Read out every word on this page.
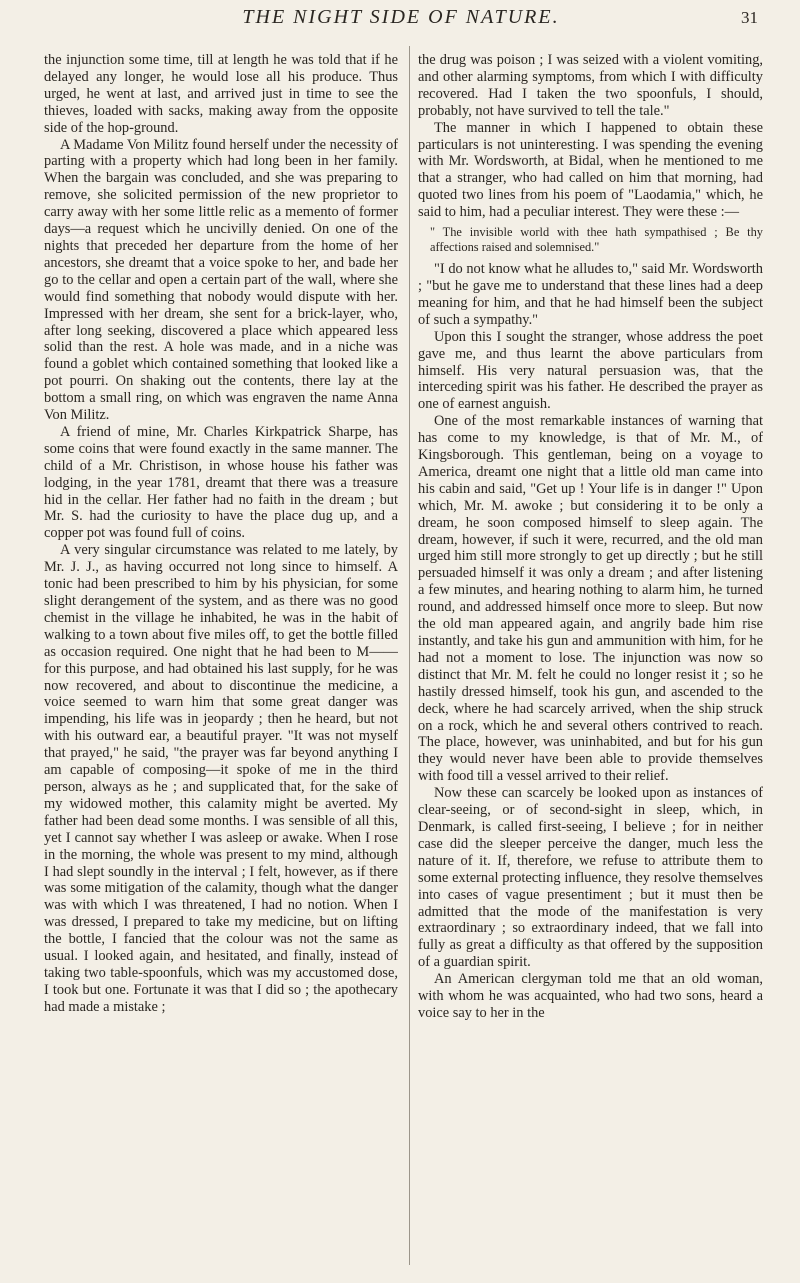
THE NIGHT SIDE OF NATURE.	31

the injunction some time, till at length he was told that if he delayed any longer, he would lose all his produce. Thus urged, he went at last, and arrived just in time to see the thieves, loaded with sacks, making away from the opposite side of the hop-ground.

A Madame Von Militz found herself under the necessity of parting with a property which had long been in her family. When the bargain was concluded, and she was preparing to remove, she solicited permission of the new proprietor to carry away with her some little relic as a memento of former days—a request which he uncivilly denied. On one of the nights that preceded her departure from the home of her ancestors, she dreamt that a voice spoke to her, and bade her go to the cellar and open a certain part of the wall, where she would find something that nobody would dispute with her. Impressed with her dream, she sent for a brick-layer, who, after long seeking, discovered a place which appeared less solid than the rest. A hole was made, and in a niche was found a goblet which contained something that looked like a pot pourri. On shaking out the contents, there lay at the bottom a small ring, on which was engraven the name Anna Von Militz.

A friend of mine, Mr. Charles Kirkpatrick Sharpe, has some coins that were found exactly in the same manner. The child of a Mr. Christison, in whose house his father was lodging, in the year 1781, dreamt that there was a treasure hid in the cellar. Her father had no faith in the dream ; but Mr. S. had the curiosity to have the place dug up, and a copper pot was found full of coins.

A very singular circumstance was related to me lately, by Mr. J. J., as having occurred not long since to himself. A tonic had been prescribed to him by his physician, for some slight derangement of the system, and as there was no good chemist in the village he inhabited, he was in the habit of walking to a town about five miles off, to get the bottle filled as occasion required. One night that he had been to M—— for this purpose, and had obtained his last supply, for he was now recovered, and about to discontinue the medicine, a voice seemed to warn him that some great danger was impending, his life was in jeopardy ; then he heard, but not with his outward ear, a beautiful prayer. "It was not myself that prayed," he said, "the prayer was far beyond anything I am capable of composing—it spoke of me in the third person, always as he ; and supplicated that, for the sake of my widowed mother, this calamity might be averted. My father had been dead some months. I was sensible of all this, yet I cannot say whether I was asleep or awake. When I rose in the morning, the whole was present to my mind, although I had slept soundly in the interval ; I felt, however, as if there was some mitigation of the calamity, though what the danger was with which I was threatened, I had no notion. When I was dressed, I prepared to take my medicine, but on lifting the bottle, I fancied that the colour was not the same as usual. I looked again, and hesitated, and finally, instead of taking two table-spoonfuls, which was my accustomed dose, I took but one. Fortunate it was that I did so ; the apothecary had made a mistake ;

the drug was poison ; I was seized with a violent vomiting, and other alarming symptoms, from which I with difficulty recovered. Had I taken the two spoonfuls, I should, probably, not have survived to tell the tale."

The manner in which I happened to obtain these particulars is not uninteresting. I was spending the evening with Mr. Wordsworth, at Bidal, when he mentioned to me that a stranger, who had called on him that morning, had quoted two lines from his poem of "Laodamia," which, he said to him, had a peculiar interest. They were these :—

" The invisible world with thee hath sympathised ; Be thy affections raised and solemnised."

"I do not know what he alludes to," said Mr. Wordsworth ; "but he gave me to understand that these lines had a deep meaning for him, and that he had himself been the subject of such a sympathy."

Upon this I sought the stranger, whose address the poet gave me, and thus learnt the above particulars from himself. His very natural persuasion was, that the interceding spirit was his father. He described the prayer as one of earnest anguish.

One of the most remarkable instances of warning that has come to my knowledge, is that of Mr. M., of Kingsborough. This gentleman, being on a voyage to America, dreamt one night that a little old man came into his cabin and said, "Get up ! Your life is in danger !" Upon which, Mr. M. awoke ; but considering it to be only a dream, he soon composed himself to sleep again. The dream, however, if such it were, recurred, and the old man urged him still more strongly to get up directly ; but he still persuaded himself it was only a dream ; and after listening a few minutes, and hearing nothing to alarm him, he turned round, and addressed himself once more to sleep. But now the old man appeared again, and angrily bade him rise instantly, and take his gun and ammunition with him, for he had not a moment to lose. The injunction was now so distinct that Mr. M. felt he could no longer resist it ; so he hastily dressed himself, took his gun, and ascended to the deck, where he had scarcely arrived, when the ship struck on a rock, which he and several others contrived to reach. The place, however, was uninhabited, and but for his gun they would never have been able to provide themselves with food till a vessel arrived to their relief.

Now these can scarcely be looked upon as instances of clear-seeing, or of second-sight in sleep, which, in Denmark, is called first-seeing, I believe ; for in neither case did the sleeper perceive the danger, much less the nature of it. If, therefore, we refuse to attribute them to some external protecting influence, they resolve themselves into cases of vague presentiment ; but it must then be admitted that the mode of the manifestation is very extraordinary ; so extraordinary indeed, that we fall into fully as great a difficulty as that offered by the supposition of a guardian spirit.

An American clergyman told me that an old woman, with whom he was acquainted, who had two sons, heard a voice say to her in the
